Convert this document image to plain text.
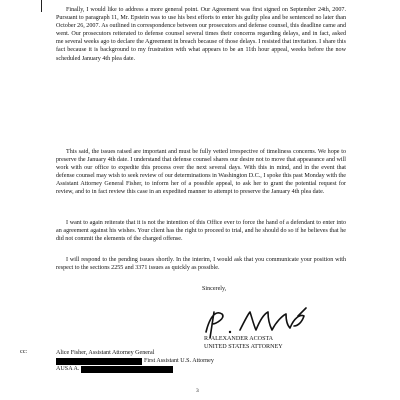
Finally, I would like to address a more general point. Our Agreement was first signed on September 24th, 2007. Pursuant to paragraph 11, Mr. Epstein was to use his best efforts to enter his guilty plea and be sentenced no later than October 26, 2007. As outlined in correspondence between our prosecutors and defense counsel, this deadline came and went. Our prosecutors reiterated to defense counsel several times their concerns regarding delays, and in fact, asked me several weeks ago to declare the Agreement in breach because of those delays. I resisted that invitation. I share this fact because it is background to my frustration with what appears to be an 11th hour appeal, weeks before the now scheduled January 4th plea date.

This said, the issues raised are important and must be fully vetted irrespective of timeliness concerns. We hope to preserve the January 4th date. I understand that defense counsel shares our desire not to move that appearance and will work with our office to expedite this process over the next several days. With this in mind, and in the event that defense counsel may wish to seek review of our determinations in Washington D.C., I spoke this past Monday with the Assistant Attorney General Fisher, to inform her of a possible appeal, to ask her to grant the potential request for review, and to in fact review this case in an expedited manner to attempt to preserve the January 4th plea date.

I want to again reiterate that it is not the intention of this Office ever to force the hand of a defendant to enter into an agreement against his wishes. Your client has the right to proceed to trial, and he should do so if he believes that he did not commit the elements of the charged offense.

I will respond to the pending issues shortly. In the interim, I would ask that you communicate your position with respect to the sections 2255 and 3371 issues as quickly as possible.

Sincerely,
R. ALEXANDER ACOSTA
UNITED STATES ATTORNEY
cc:	Alice Fisher, Assistant Attorney General
First Assistant U.S. Attorney
AUSA A.
3
